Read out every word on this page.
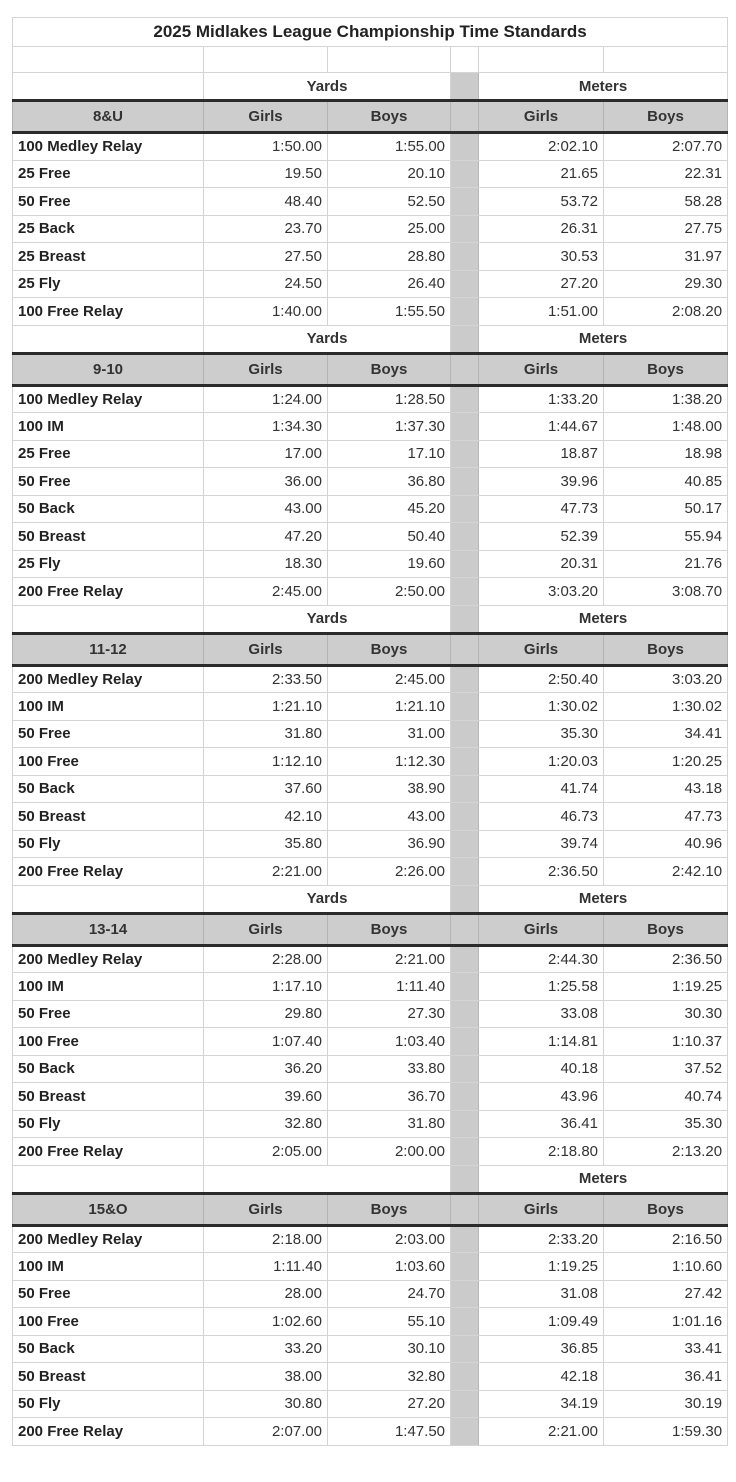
2025 Midlakes League Championship Time Standards					

	Yards			Meters	
8&U	Girls	Boys		Girls	Boys
100 Medley Relay	1:50.00	1:55.00		2:02.10	2:07.70
25 Free	19.50	20.10		21.65	22.31
50 Free	48.40	52.50		53.72	58.28
25 Back	23.70	25.00		26.31	27.75
25 Breast	27.50	28.80		30.53	31.97
25 Fly	24.50	26.40		27.20	29.30
100 Free Relay	1:40.00	1:55.50		1:51.00	2:08.20
	Yards			Meters	
9-10	Girls	Boys		Girls	Boys
100 Medley Relay	1:24.00	1:28.50		1:33.20	1:38.20
100 IM	1:34.30	1:37.30		1:44.67	1:48.00
25 Free	17.00	17.10		18.87	18.98
50 Free	36.00	36.80		39.96	40.85
50 Back	43.00	45.20		47.73	50.17
50 Breast	47.20	50.40		52.39	55.94
25 Fly	18.30	19.60		20.31	21.76
200 Free Relay	2:45.00	2:50.00		3:03.20	3:08.70
	Yards			Meters	
11-12	Girls	Boys		Girls	Boys
200 Medley Relay	2:33.50	2:45.00		2:50.40	3:03.20
100 IM	1:21.10	1:21.10		1:30.02	1:30.02
50 Free	31.80	31.00		35.30	34.41
100 Free	1:12.10	1:12.30		1:20.03	1:20.25
50 Back	37.60	38.90		41.74	43.18
50 Breast	42.10	43.00		46.73	47.73
50 Fly	35.80	36.90		39.74	40.96
200 Free Relay	2:21.00	2:26.00		2:36.50	2:42.10
	Yards			Meters	
13-14	Girls	Boys		Girls	Boys
200 Medley Relay	2:28.00	2:21.00		2:44.30	2:36.50
100 IM	1:17.10	1:11.40		1:25.58	1:19.25
50 Free	29.80	27.30		33.08	30.30
100 Free	1:07.40	1:03.40		1:14.81	1:10.37
50 Back	36.20	33.80		40.18	37.52
50 Breast	39.60	36.70		43.96	40.74
50 Fly	32.80	31.80		36.41	35.30
200 Free Relay	2:05.00	2:00.00		2:18.80	2:13.20
				Meters	
15&O	Girls	Boys		Girls	Boys
200 Medley Relay	2:18.00	2:03.00		2:33.20	2:16.50
100 IM	1:11.40	1:03.60		1:19.25	1:10.60
50 Free	28.00	24.70		31.08	27.42
100 Free	1:02.60	55.10		1:09.49	1:01.16
50 Back	33.20	30.10		36.85	33.41
50 Breast	38.00	32.80		42.18	36.41
50 Fly	30.80	27.20		34.19	30.19
200 Free Relay	2:07.00	1:47.50		2:21.00	1:59.30
